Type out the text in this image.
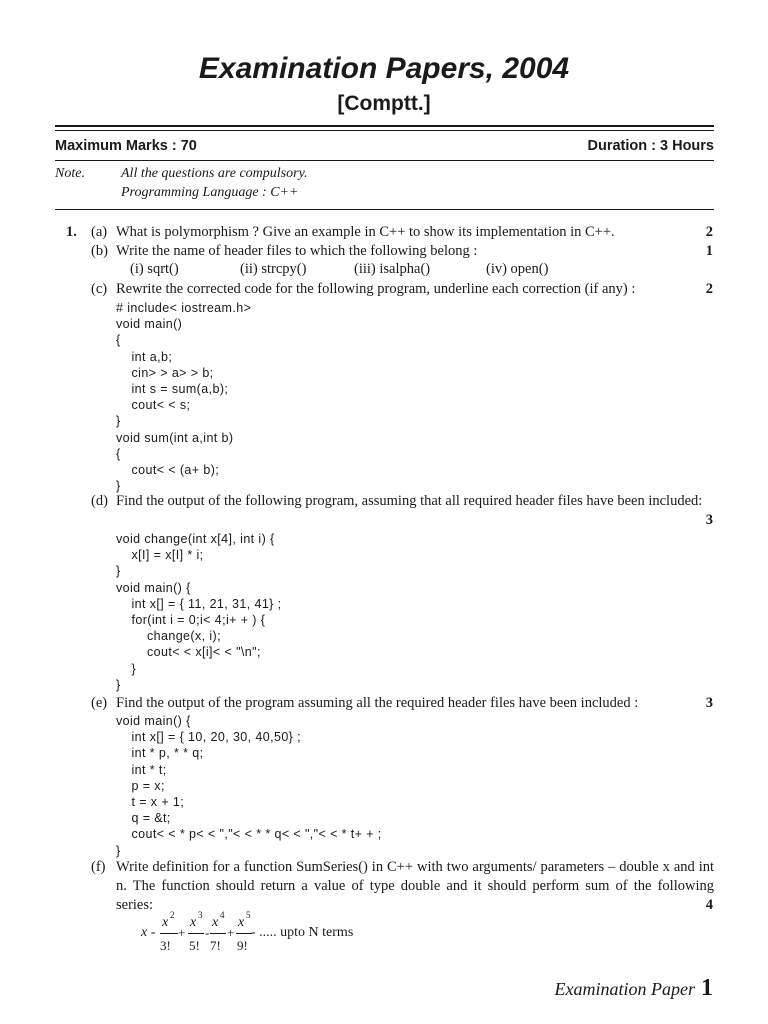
Examination Papers, 2004
[Comptt.]
Maximum Marks : 70	Duration : 3 Hours
Note.	All the questions are compulsory.
Programming Language : C++
1. (a) What is polymorphism ? Give an example in C++ to show its implementation in C++.	2
(b) Write the name of header files to which the following belong :	1
(i) sqrt()	(ii) strcpy()	(iii) isalpha()	(iv) open()
(c) Rewrite the corrected code for the following program, underline each correction (if any) :	2
# include< iostream.h>
void main()
{
int a,b;
cin> > a> > b;
int s = sum(a,b);
cout< < s;
}
void sum(int a,int b)
{
cout< < (a+ b);
}
(d) Find the output of the following program, assuming that all required header files have been included:
3
void change(int x[4], int i) {
x[I] = x[I] * i;
}
void main() {
int x[] = { 11, 21, 31, 41} ;
for(int i = 0;i< 4;i+ + ) {
change(x, i);
cout< < x[i]< < "\n";
}
}
(e) Find the output of the program assuming all the required header files have been included :	3
void main() {
int x[] = { 10, 20, 30, 40,50} ;
int * p, * * q;
int * t;
p = x;
t = x + 1;
q = &t;
cout< < * p< < ","< < * * q< < ","< < * t+ + ;
}
(f) Write definition for a function SumSeries() in C++ with two arguments/ parameters – double x and int
n. The function should return a value of type double and it should perform sum of the following
series:	4
x -
x 2
3!
+
x 3
5!
-
x 4
7!
+
x 5
9!
- ..... upto N terms
Examination Paper 1
